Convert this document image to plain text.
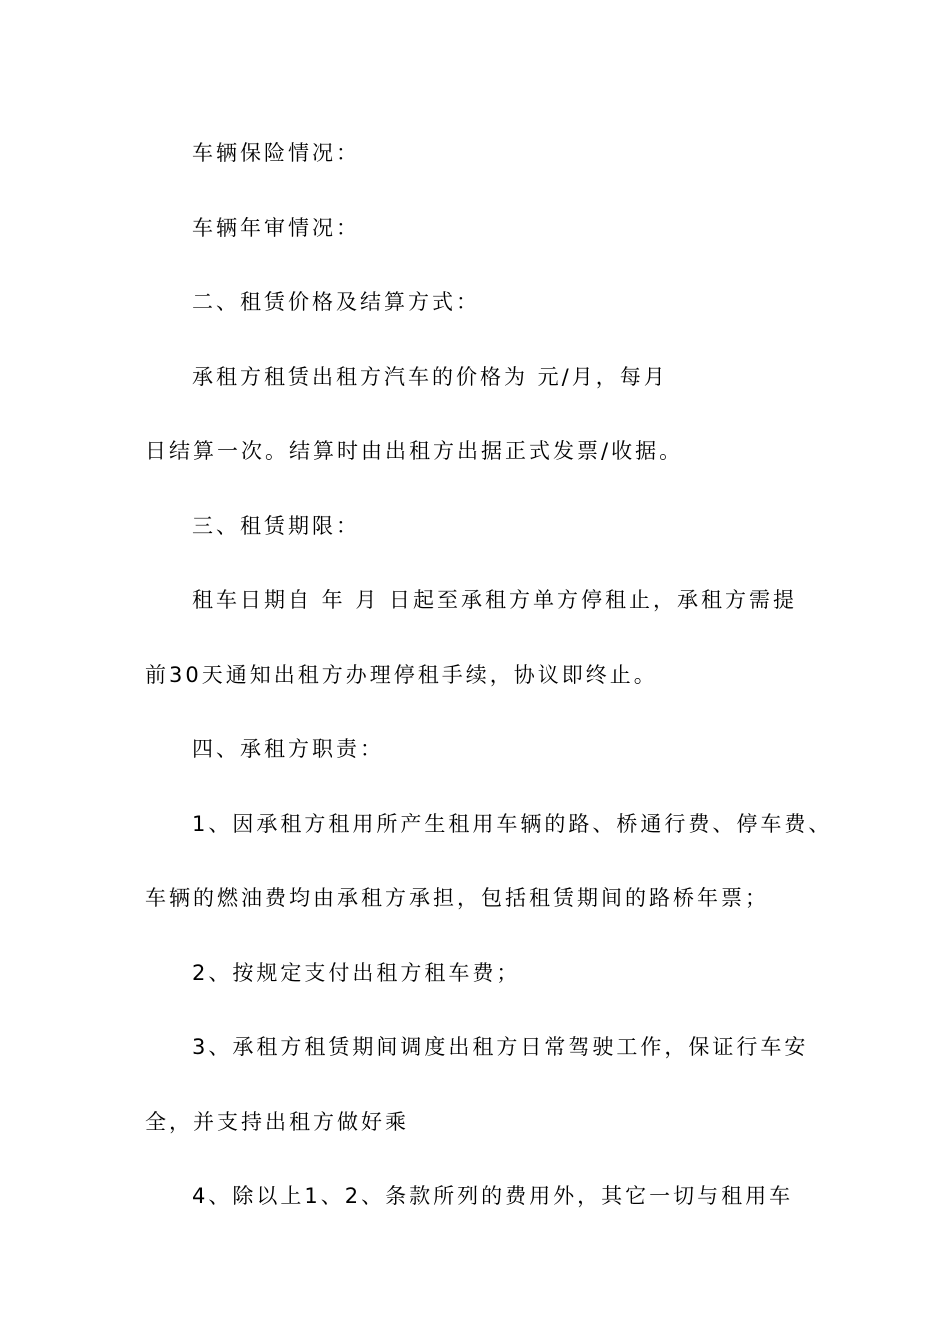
车辆保险情况：
车辆年审情况：
二、租赁价格及结算方式：
承租方租赁出租方汽车的价格为 元/月，每月
日结算一次。结算时由出租方出据正式发票/收据。
三、租赁期限：
租车日期自 年 月 日起至承租方单方停租止，承租方需提
前30天通知出租方办理停租手续，协议即终止。
四、承租方职责：
1、因承租方租用所产生租用车辆的路、桥通行费、停车费、
车辆的燃油费均由承租方承担，包括租赁期间的路桥年票；
2、按规定支付出租方租车费；
3、承租方租赁期间调度出租方日常驾驶工作，保证行车安
全，并支持出租方做好乘
4、除以上1、2、条款所列的费用外，其它一切与租用车
